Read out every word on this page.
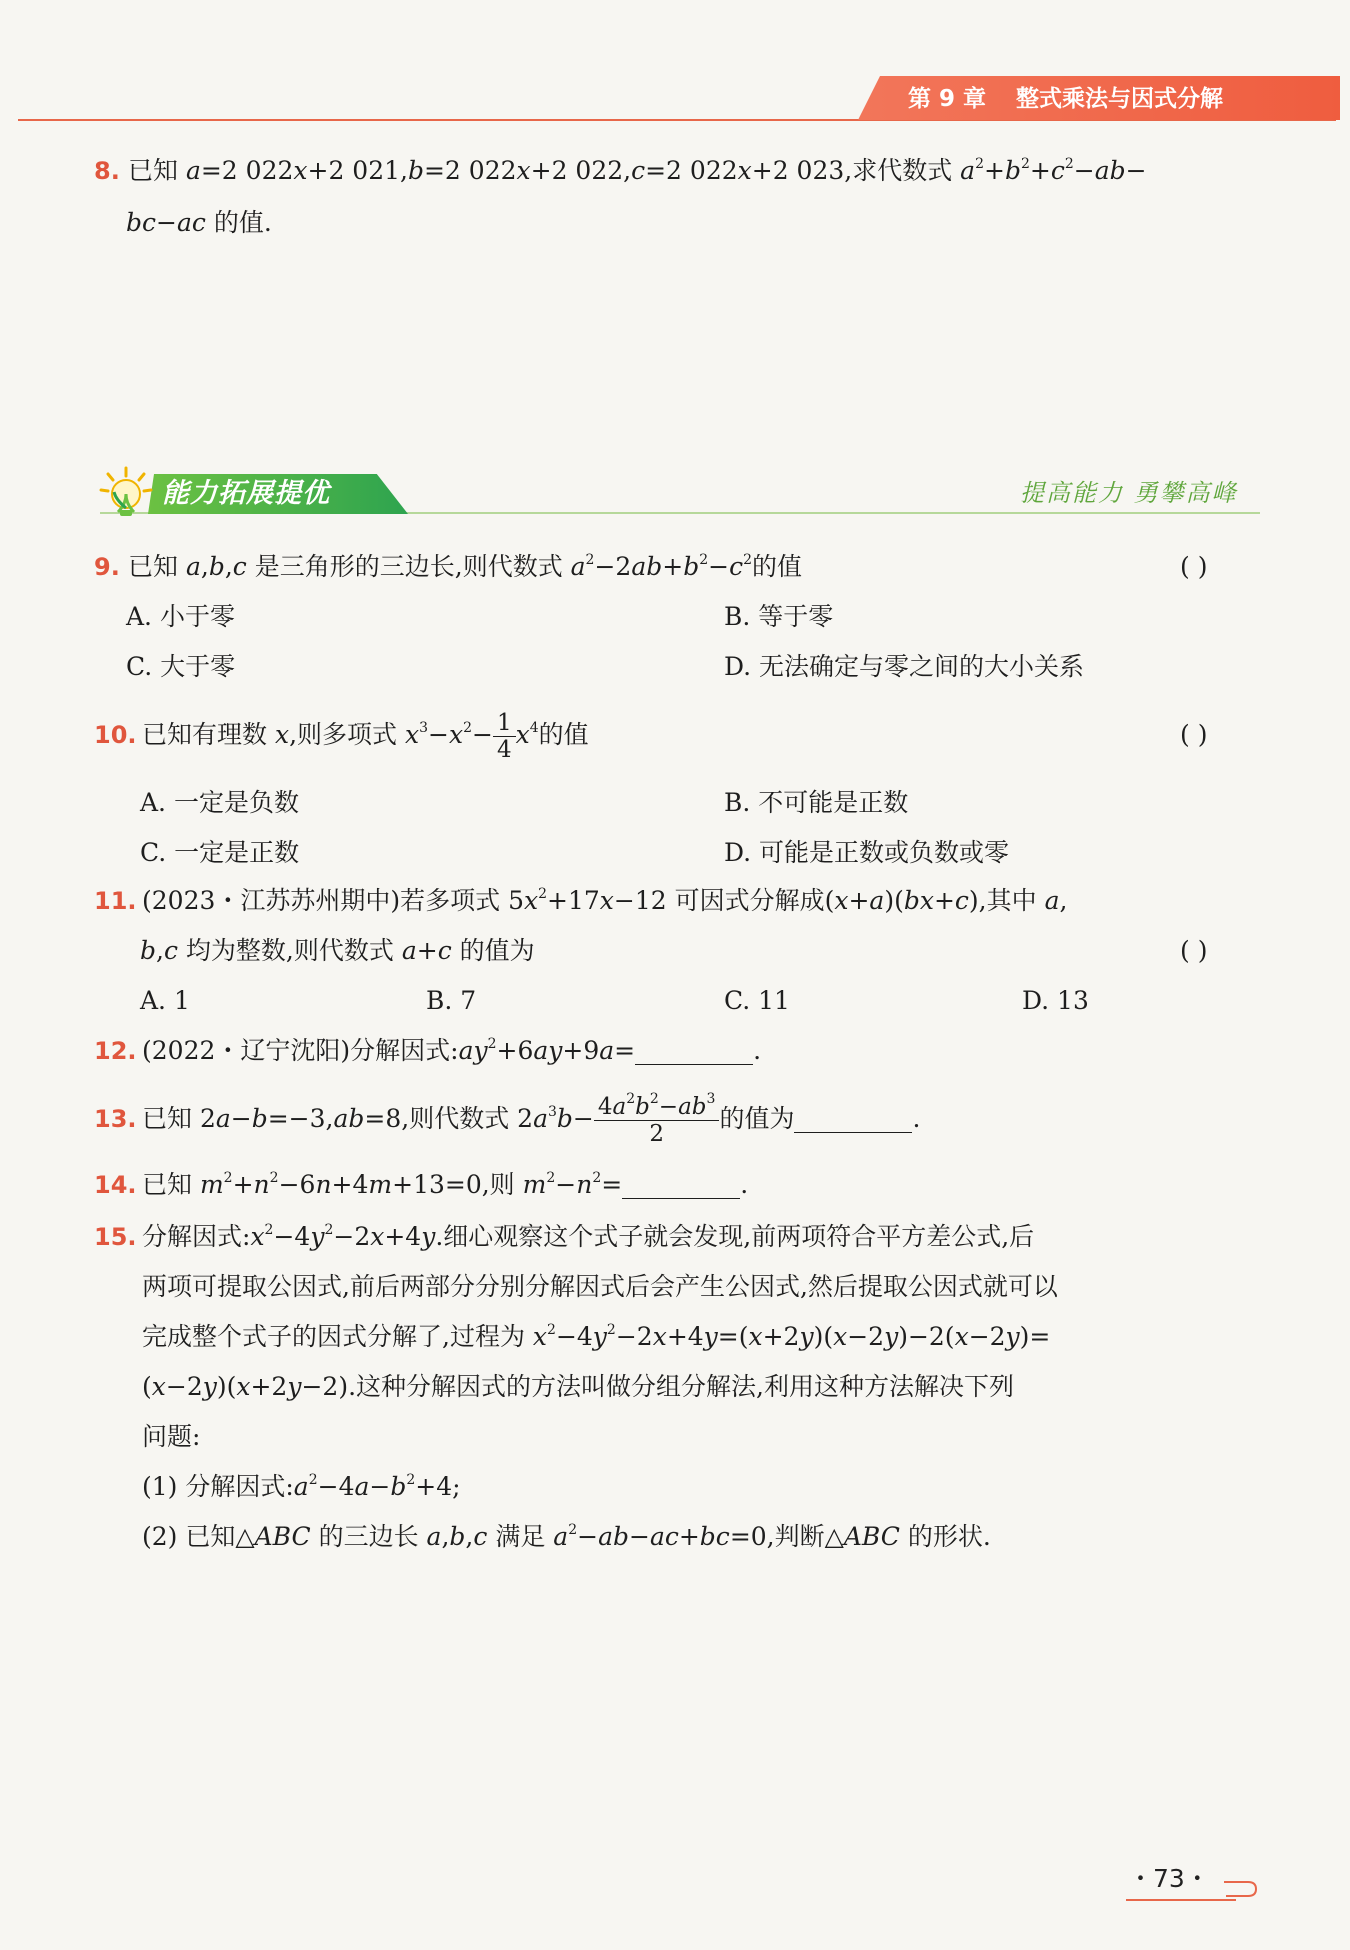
第 9 章 整式乘法与因式分解
8. 已知 a=2 022x+2 021,b=2 022x+2 022,c=2 022x+2 023,求代数式 $a^2+b^2+c^2-ab-$
bc−ac 的值.
能力拓展提优	提高能力 勇攀高峰
9. 已知 a,b,c 是三角形的三边长,则代数式 $a^2-2ab+b^2-c^2$的值	( )
A. 小于零	B. 等于零
C. 大于零	D. 无法确定与零之间的大小关系
10. 已知有理数 x,则多项式 $x^3-x^2- \frac{1}{4} x^4$的值	( )
A. 一定是负数	B. 不可能是正数
C. 一定是正数	D. 可能是正数或负数或零
11. (2023・江苏苏州期中)若多项式 $5x^2+17x-12$ 可因式分解成(x+a)(bx+c),其中 a,
b,c 均为整数,则代数式 a+c 的值为	( )
A. 1	B. 7	C. 11	D. 13
12. (2022・辽宁沈阳)分解因式$:ay^2+6ay+9a=$	.
13. 已知 2a−b=−3,ab=8,则代数式 $2a^3b- \frac{4a^2b^2-ab^3}{2}$ 的值为	.
14. 已知 $m^2+n^2-6n+4m+13=0$,则 $m^2-n^2=$	.
15. 分解因式$:x^2-4y^2-2x+4y$.细心观察这个式子就会发现,前两项符合平方差公式,后
两项可提取公因式,前后两部分分别分解因式后会产生公因式,然后提取公因式就可以
完成整个式子的因式分解了,过程为 $x^2-4y^2-2x+4y=(x+2y)(x-2y)-2(x-2y)=$
(x−2y)(x+2y−2).这种分解因式的方法叫做分组分解法,利用这种方法解决下列
问题:
(1) 分解因式$:a^2-4a-b^2+4$;
(2) 已知△ABC 的三边长 a,b,c 满足 $a^2-ab-ac+bc=0$,判断△ABC 的形状.
・73・
